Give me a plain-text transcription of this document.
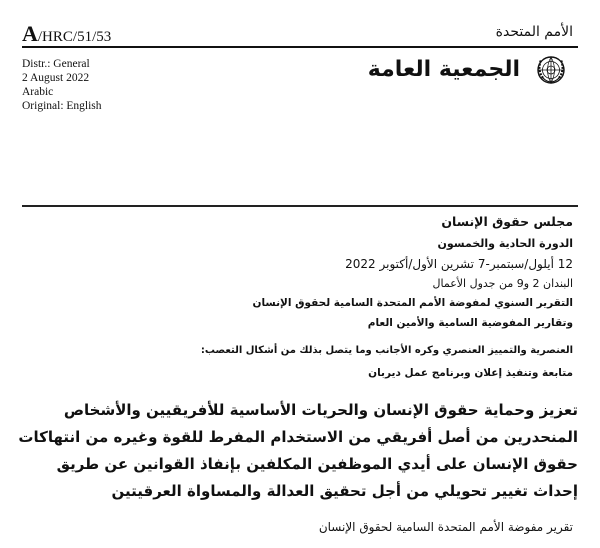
A/HRC/51/53	الأمم المتحدة
Distr.: General
2 August 2022
Arabic
Original: English
الجمعية العامة
مجلس حقوق الإنسان
الدورة الحادية والخمسون
12 أيلول/سبتمبر-7 تشرين الأول/أكتوبر 2022
البندان 2 و9 من جدول الأعمال
التقرير السنوي لمفوضة الأمم المتحدة السامية لحقوق الإنسان
وتقارير المفوضية السامية والأمين العام
العنصرية والتمييز العنصري وكره الأجانب وما يتصل بذلك من أشكال التعصب:
متابعة وتنفيذ إعلان وبرنامج عمل ديربان
تعزيز وحماية حقوق الإنسان والحريات الأساسية للأفريقيين والأشخاص
المنحدرين من أصل أفريقي من الاستخدام المفرط للقوة وغيره من انتهاكات
حقوق الإنسان على أيدي الموظفين المكلفين بإنفاذ القوانين عن طريق
إحداث تغيير تحويلي من أجل تحقيق العدالة والمساواة العرقيتين
تقرير مفوضة الأمم المتحدة السامية لحقوق الإنسان
